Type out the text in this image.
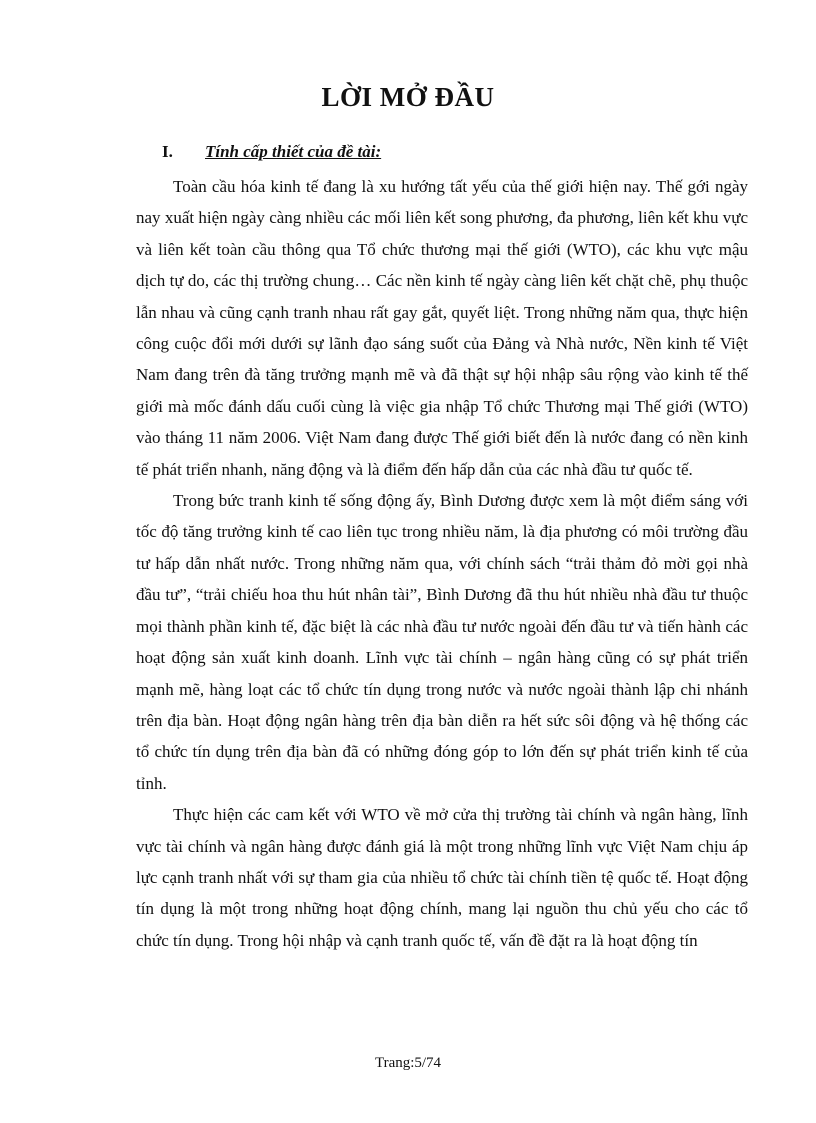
LỜI MỞ ĐẦU
I. Tính cấp thiết của đề tài:

Toàn cầu hóa kinh tế đang là xu hướng tất yếu của thế giới hiện nay. Thế gới ngày nay xuất hiện ngày càng nhiều các mối liên kết song phương, đa phương, liên kết khu vực và liên kết toàn cầu thông qua Tổ chức thương mại thế giới (WTO), các khu vực mậu dịch tự do, các thị trường chung… Các nền kinh tế ngày càng liên kết chặt chẽ, phụ thuộc lẫn nhau và cũng cạnh tranh nhau rất gay gắt, quyết liệt. Trong những năm qua, thực hiện công cuộc đổi mới dưới sự lãnh đạo sáng suốt của Đảng và Nhà nước, Nền kinh tế Việt Nam đang trên đà tăng trưởng mạnh mẽ và đã thật sự hội nhập sâu rộng vào kinh tế thế giới mà mốc đánh dấu cuối cùng là việc gia nhập Tổ chức Thương mại Thế giới (WTO) vào tháng 11 năm 2006. Việt Nam đang được Thế giới biết đến là nước đang có nền kinh tế phát triển nhanh, năng động và là điểm đến hấp dẫn của các nhà đầu tư quốc tế.

Trong bức tranh kinh tế sống động ấy, Bình Dương được xem là một điểm sáng với tốc độ tăng trưởng kinh tế cao liên tục trong nhiều năm, là địa phương có môi trường đầu tư hấp dẫn nhất nước. Trong những năm qua, với chính sách “trải thảm đỏ mời gọi nhà đầu tư”, “trải chiếu hoa thu hút nhân tài”, Bình Dương đã thu hút nhiều nhà đầu tư thuộc mọi thành phần kinh tế, đặc biệt là các nhà đầu tư nước ngoài đến đầu tư và tiến hành các hoạt động sản xuất kinh doanh. Lĩnh vực tài chính – ngân hàng cũng có sự phát triển mạnh mẽ, hàng loạt các tổ chức tín dụng trong nước và nước ngoài thành lập chi nhánh trên địa bàn. Hoạt động ngân hàng trên địa bàn diễn ra hết sức sôi động và hệ thống các tổ chức tín dụng trên địa bàn đã có những đóng góp to lớn đến sự phát triển kinh tế của tỉnh.

Thực hiện các cam kết với WTO về mở cửa thị trường tài chính và ngân hàng, lĩnh vực tài chính và ngân hàng được đánh giá là một trong những lĩnh vực Việt Nam chịu áp lực cạnh tranh nhất với sự tham gia của nhiều tổ chức tài chính tiền tệ quốc tế. Hoạt động tín dụng là một trong những hoạt động chính, mang lại nguồn thu chủ yếu cho các tổ chức tín dụng. Trong hội nhập và cạnh tranh quốc tế, vấn đề đặt ra là hoạt động tín

Trang:5/74
